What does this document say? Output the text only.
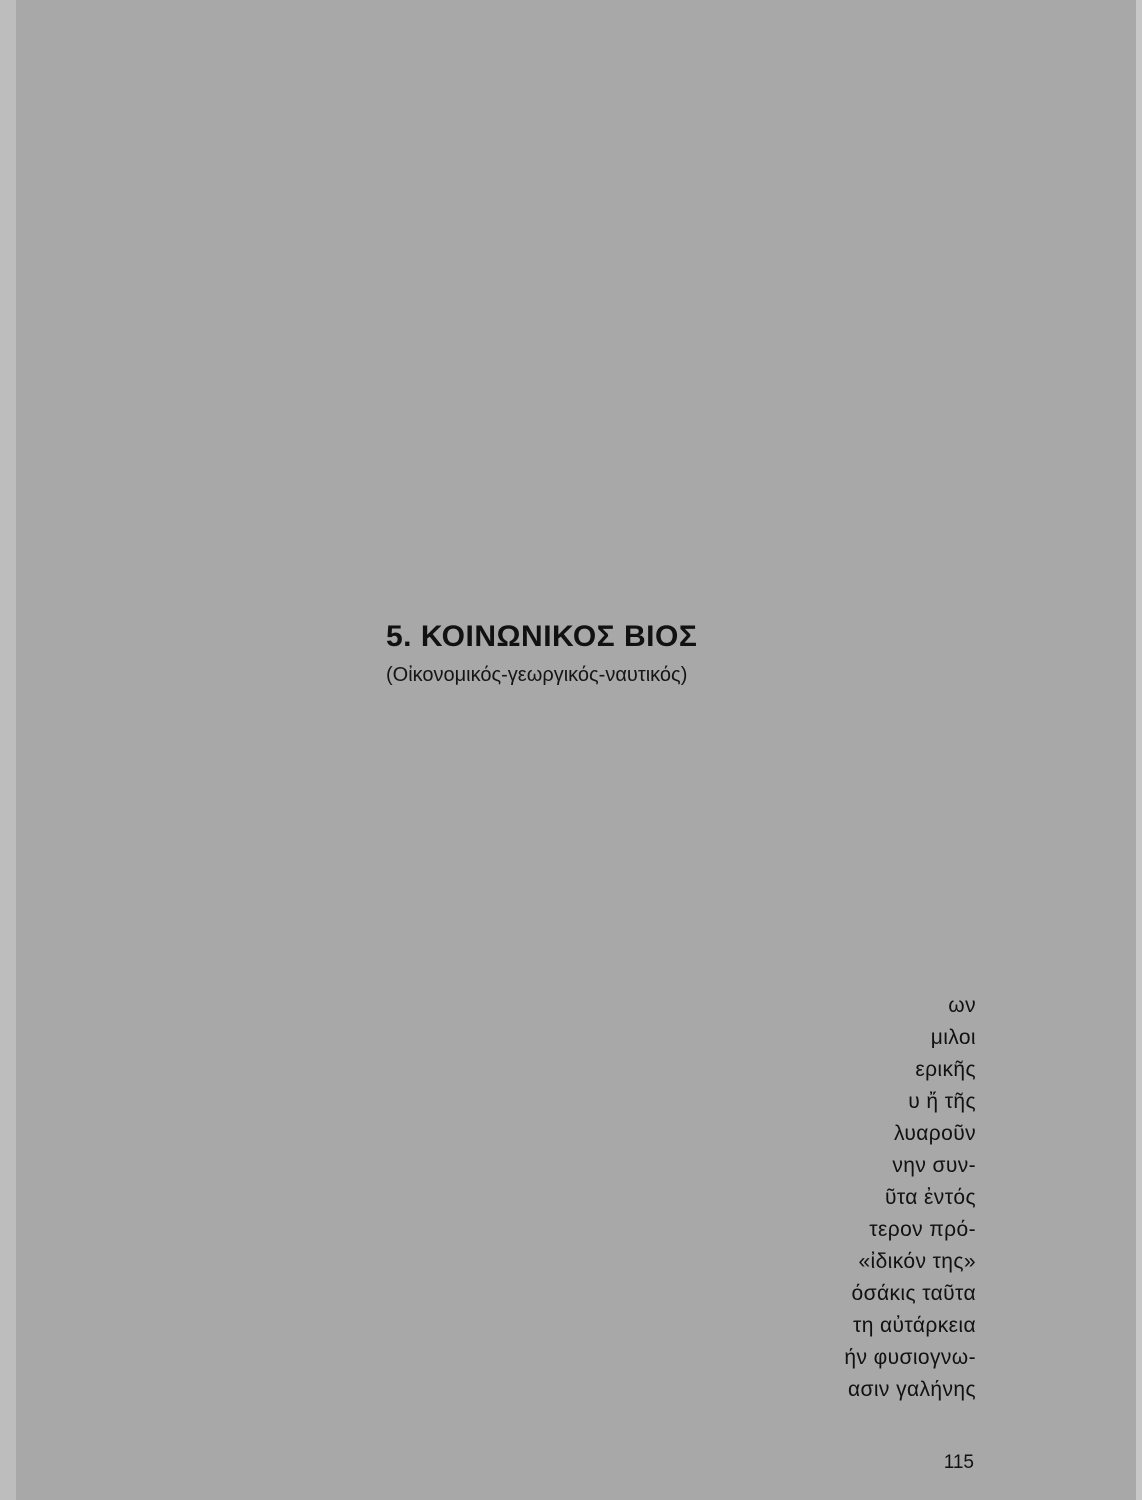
5. ΚΟΙΝΩΝΙΚΟΣ ΒΙΟΣ
(Οἰκονομικός-γεωργικός-ναυτικός)
ων
μιλοι
ερικῆς
υ ἤ τῆς
λυαροῦν
νην συν-
ῦτα ἐντός
τερον πρό-
«ἰδικόν της»
όσάκις ταῦτα
τη αὐτάρκεια
ήν φυσιογνω-
ασιν γαλήνης
115
